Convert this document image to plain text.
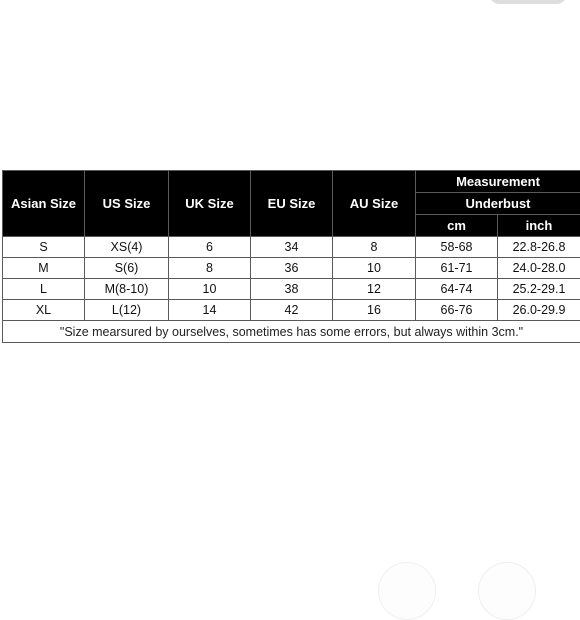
Asian Size	US Size	UK Size	EU Size	AU Size	Measurement	
					Underbust	
					cm	inch
S	XS(4)	6	34	8	58-68	22.8-26.8
M	S(6)	8	36	10	61-71	24.0-28.0
L	M(8-10)	10	38	12	64-74	25.2-29.1
XL	L(12)	14	42	16	66-76	26.0-29.9
"Size mearsured by ourselves, sometimes has some errors, but always within 3cm."						
